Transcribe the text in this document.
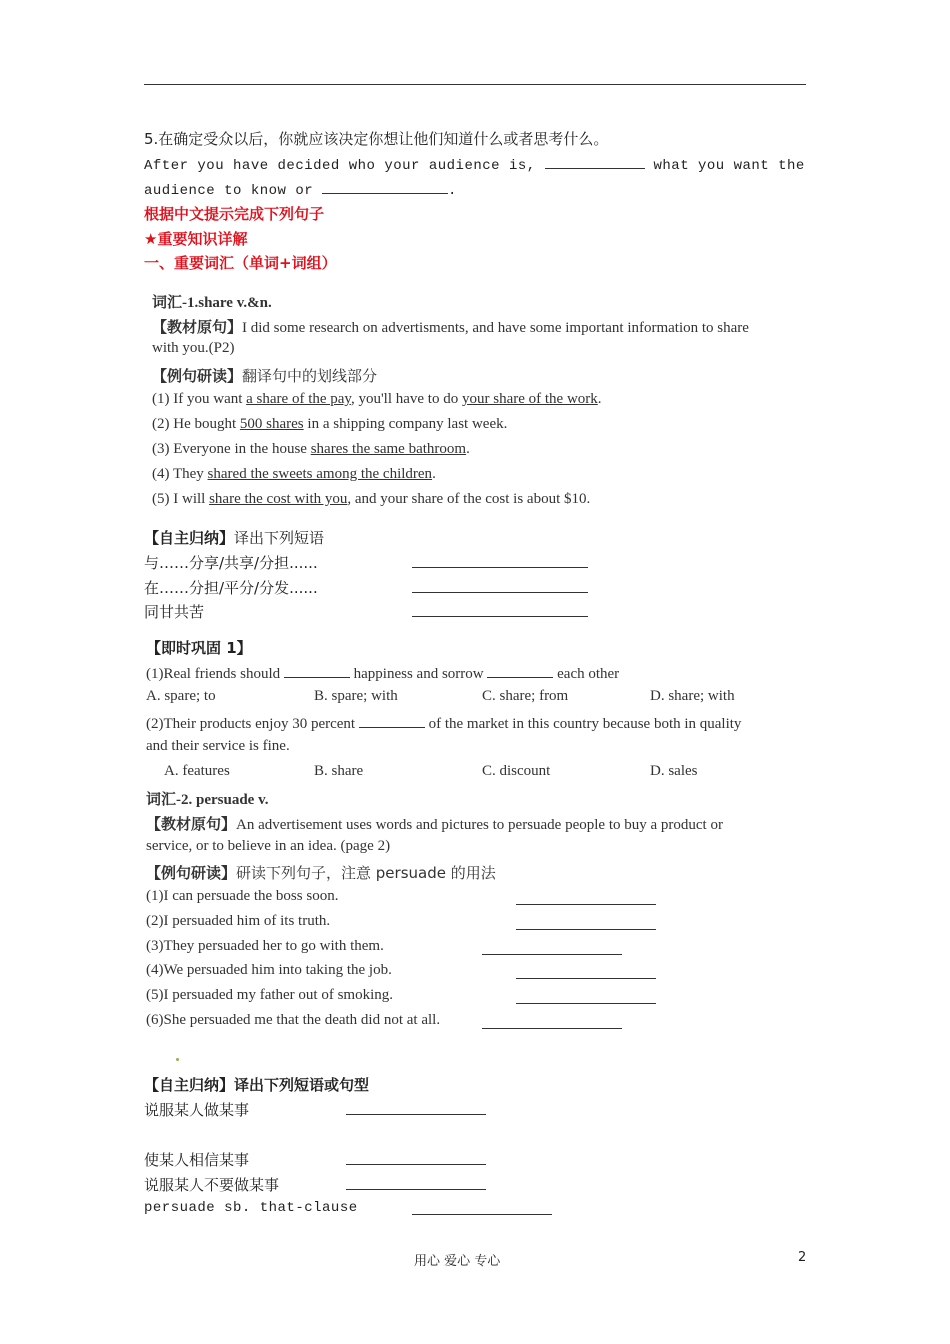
5.在确定受众以后，你就应该决定你想让他们知道什么或者思考什么。
After you have decided who your audience is,	what you want the
audience to know or	.
根据中文提示完成下列句子
★重要知识详解
一、重要词汇（单词+词组）
词汇-1.share v.&n.
【教材原句】I did some research on advertisments, and have some important information to share
with you.(P2)
【例句研读】翻译句中的划线部分
(1) If you want a share of the pay, you'll have to do your share of the work.
(2) He bought 500 shares in a shipping company last week.
(3) Everyone in the house shares the same bathroom.
(4) They shared the sweets among the children.
(5) I will share the cost with you, and your share of the cost is about $10.
【自主归纳】译出下列短语
与……分享/共享/分担......
在……分担/平分/分发......
同甘共苦
【即时巩固 1】
(1)Real friends should	happiness and sorrow	each other
A. spare; to	B. spare; with	C. share; from	D. share; with
(2)Their products enjoy 30 percent	of the market in this country because both in quality
and their service is fine.
A. features	B. share	C. discount	D. sales
词汇-2. persuade v.
【教材原句】An advertisement uses words and pictures to persuade people to buy a product or
service, or to believe in an idea. (page 2)
【例句研读】研读下列句子，注意 persuade 的用法
(1)I can persuade the boss soon.
(2)I persuaded him of its truth.
(3)They persuaded her to go with them.
(4)We persuaded him into taking the job.
(5)I persuaded my father out of smoking.
(6)She persuaded me that the death did not at all.
【自主归纳】译出下列短语或句型
说服某人做某事
使某人相信某事
说服某人不要做某事
persuade sb. that-clause
用心 爱心 专心	2
